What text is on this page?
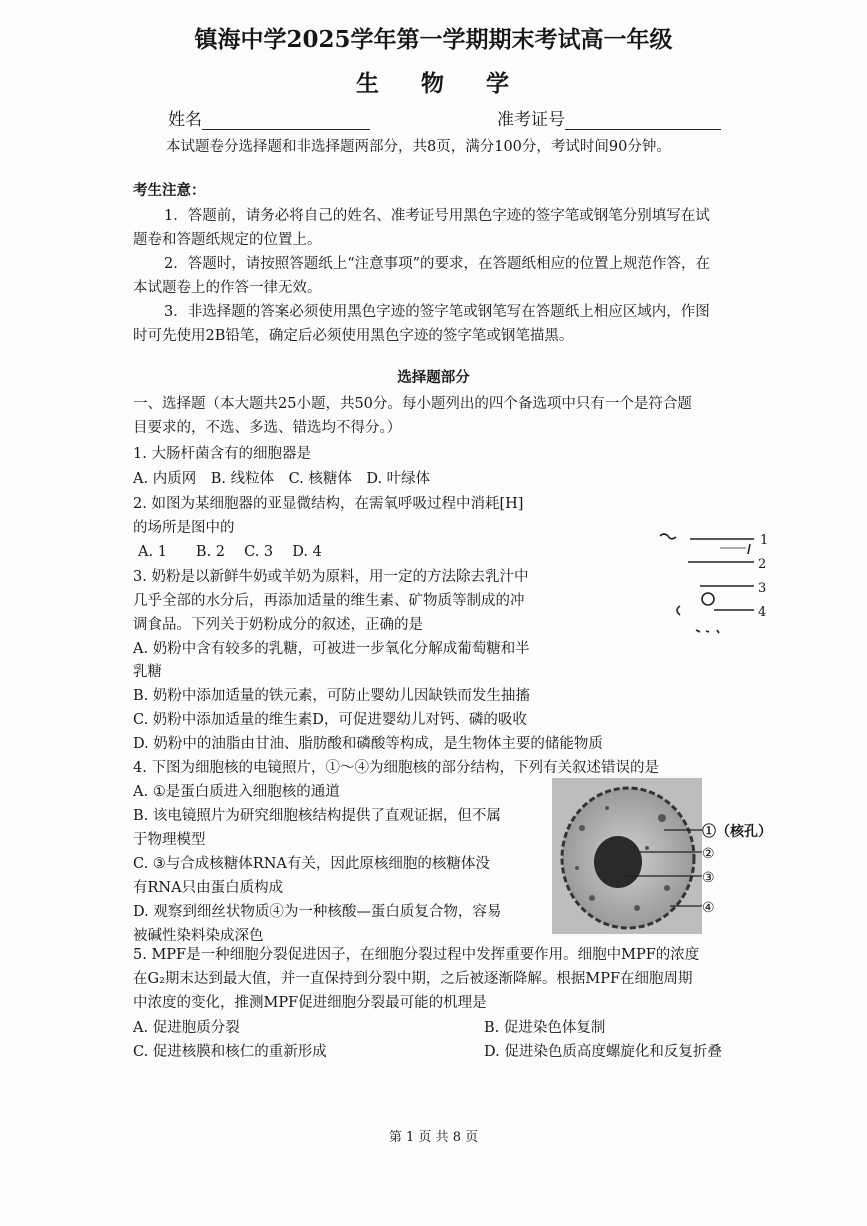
镇海中学2025学年第一学期期末考试高一年级
生物学
姓名	准考证号
本试题卷分选择题和非选择题两部分，共8页，满分100分，考试时间90分钟。
考生注意：
1．答题前，请务必将自己的姓名、准考证号用黑色字迹的签字笔或钢笔分别填写在试
题卷和答题纸规定的位置上。
2．答题时，请按照答题纸上“注意事项”的要求，在答题纸相应的位置上规范作答，在
本试题卷上的作答一律无效。
3．非选择题的答案必须使用黑色字迹的签字笔或钢笔写在答题纸上相应区域内，作图
时可先使用2B铅笔，确定后必须使用黑色字迹的签字笔或钢笔描黑。
选择题部分
一、选择题（本大题共25小题，共50分。每小题列出的四个备选项中只有一个是符合题
目要求的，不选、多选、错选均不得分。）
1. 大肠杆菌含有的细胞器是
A. 内质网　B. 线粒体　C. 核糖体　D. 叶绿体
2. 如图为某细胞器的亚显微结构，在需氧呼吸过程中消耗[H]
的场所是图中的
A. 1　　B. 2　 C. 3　 D. 4
1
2
3
4
3. 奶粉是以新鲜牛奶或羊奶为原料，用一定的方法除去乳汁中
几乎全部的水分后，再添加适量的维生素、矿物质等制成的冲
调食品。下列关于奶粉成分的叙述，正确的是
A. 奶粉中含有较多的乳糖，可被进一步氧化分解成葡萄糖和半
乳糖
B. 奶粉中添加适量的铁元素，可防止婴幼儿因缺铁而发生抽搐
C. 奶粉中添加适量的维生素D，可促进婴幼儿对钙、磷的吸收
D. 奶粉中的油脂由甘油、脂肪酸和磷酸等构成，是生物体主要的储能物质
4. 下图为细胞核的电镜照片，①～④为细胞核的部分结构，下列有关叙述错误的是
A. ①是蛋白质进入细胞核的通道
B. 该电镜照片为研究细胞核结构提供了直观证据，但不属
于物理模型
C. ③与合成核糖体RNA有关，因此原核细胞的核糖体没
有RNA只由蛋白质构成
D. 观察到细丝状物质④为一种核酸—蛋白质复合物，容易
被碱性染料染成深色
①（核孔）
②
③
④
5. MPF是一种细胞分裂促进因子，在细胞分裂过程中发挥重要作用。细胞中MPF的浓度
在G₂期末达到最大值，并一直保持到分裂中期，之后被逐渐降解。根据MPF在细胞周期
中浓度的变化，推测MPF促进细胞分裂最可能的机理是
A. 促进胞质分裂	B. 促进染色体复制
C. 促进核膜和核仁的重新形成	D. 促进染色质高度螺旋化和反复折叠
第 1 页 共 8 页
